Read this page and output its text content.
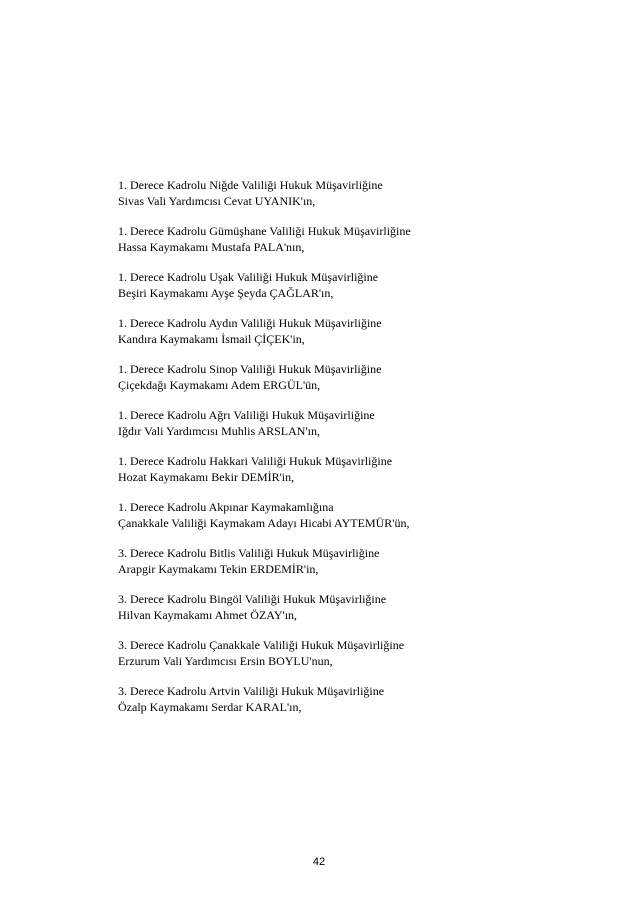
1. Derece Kadrolu Niğde Valiliği Hukuk Müşavirliğine
Sivas Vali Yardımcısı Cevat UYANIK'ın,
1. Derece Kadrolu Gümüşhane Valiliği Hukuk Müşavirliğine
Hassa Kaymakamı Mustafa PALA'nın,
1. Derece Kadrolu Uşak Valiliği Hukuk Müşavirliğine
Beşiri Kaymakamı Ayşe Şeyda ÇAĞLAR'ın,
1. Derece Kadrolu Aydın Valiliği Hukuk Müşavirliğine
Kandıra Kaymakamı İsmail ÇİÇEK'in,
1. Derece Kadrolu Sinop Valiliği Hukuk Müşavirliğine
Çiçekdağı Kaymakamı Adem ERGÜL'ün,
1. Derece Kadrolu Ağrı Valiliği Hukuk Müşavirliğine
Iğdır Vali Yardımcısı Muhlis ARSLAN'ın,
1. Derece Kadrolu Hakkari Valiliği Hukuk Müşavirliğine
Hozat Kaymakamı Bekir DEMİR'in,
1. Derece Kadrolu Akpınar Kaymakamlığına
Çanakkale Valiliği Kaymakam Adayı Hicabi AYTEMÜR'ün,
3. Derece Kadrolu Bitlis Valiliği Hukuk Müşavirliğine
Arapgir Kaymakamı Tekin ERDEMİR'in,
3. Derece Kadrolu Bingöl Valiliği Hukuk Müşavirliğine
Hilvan Kaymakamı Ahmet ÖZAY'ın,
3. Derece Kadrolu Çanakkale Valiliği Hukuk Müşavirliğine
Erzurum Vali Yardımcısı Ersin BOYLU'nun,
3. Derece Kadrolu Artvin Valiliği Hukuk Müşavirliğine
Özalp Kaymakamı Serdar KARAL'ın,
42
